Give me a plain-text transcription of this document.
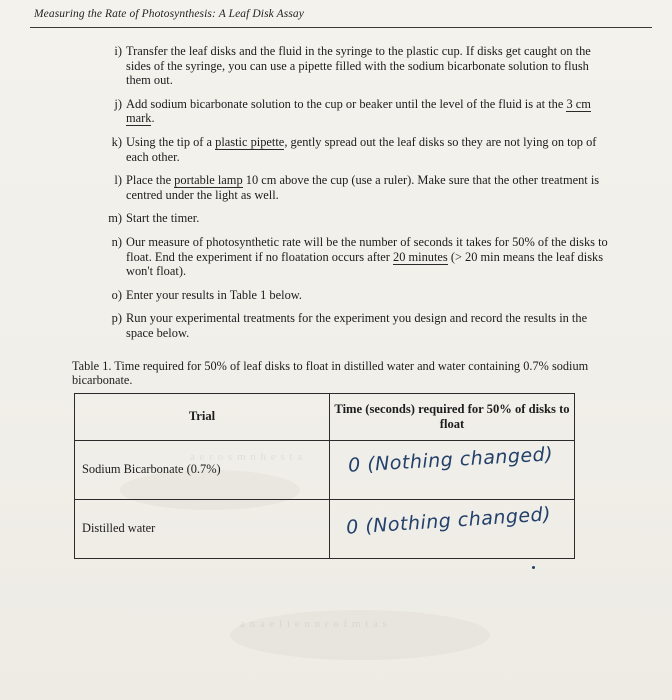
a n a e l i e n n r o f m t a s
a e r o s m n h e s t a
Measuring the Rate of Photosynthesis: A Leaf Disk Assay
i) Transfer the leaf disks and the fluid in the syringe to the plastic cup. If disks get caught on the sides of the syringe, you can use a pipette filled with the sodium bicarbonate solution to flush them out.
j) Add sodium bicarbonate solution to the cup or beaker until the level of the fluid is at the 3 cm mark.
k) Using the tip of a plastic pipette, gently spread out the leaf disks so they are not lying on top of each other.
l) Place the portable lamp 10 cm above the cup (use a ruler). Make sure that the other treatment is centred under the light as well.
m) Start the timer.
n) Our measure of photosynthetic rate will be the number of seconds it takes for 50% of the disks to float. End the experiment if no floatation occurs after 20 minutes (> 20 min means the leaf disks won't float).
o) Enter your results in Table 1 below.
p) Run your experimental treatments for the experiment you design and record the results in the space below.
Table 1. Time required for 50% of leaf disks to float in distilled water and water containing 0.7% sodium bicarbonate.
Trial	Time (seconds) required for 50% of disks to float
Sodium Bicarbonate (0.7%)	0 (Nothing changed)

Distilled water	0 (Nothing changed)
